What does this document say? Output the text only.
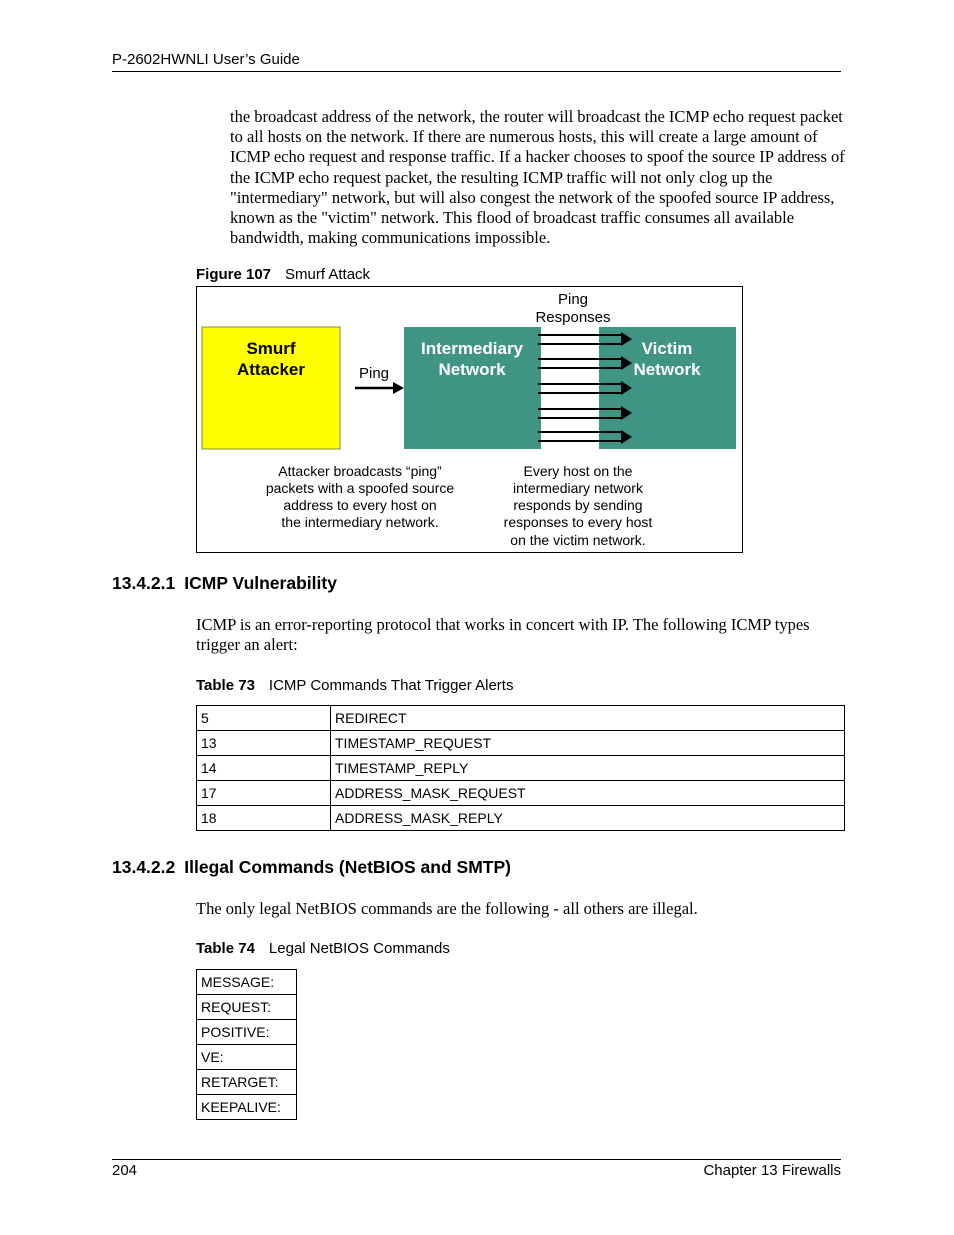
P-2602HWNLI User’s Guide

the broadcast address of the network, the router will broadcast the ICMP echo request packet to all hosts on the network. If there are numerous hosts, this will create a large amount of ICMP echo request and response traffic. If a hacker chooses to spoof the source IP address of the ICMP echo request packet, the resulting ICMP traffic will not only clog up the "intermediary" network, but will also congest the network of the spoofed source IP address, known as the "victim" network. This flood of broadcast traffic consumes all available bandwidth, making communications impossible.

Figure 107 Smurf Attack
Smurf
Attacker	Ping
Intermediary
Network
Victim
Network
Ping
Responses
Attacker broadcasts “ping”
packets with a spoofed source
address to every host on
the intermediary network.
Every host on the
intermediary network
responds by sending
responses to every host
on the victim network.
13.4.2.1 ICMP Vulnerability

ICMP is an error-reporting protocol that works in concert with IP. The following ICMP types trigger an alert:

Table 73 ICMP Commands That Trigger Alerts
5	REDIRECT
13	TIMESTAMP_REQUEST
14	TIMESTAMP_REPLY
17	ADDRESS_MASK_REQUEST
18	ADDRESS_MASK_REPLY
13.4.2.2 Illegal Commands (NetBIOS and SMTP)

The only legal NetBIOS commands are the following - all others are illegal.

Table 74 Legal NetBIOS Commands
MESSAGE:
REQUEST:
POSITIVE:
VE:
RETARGET:
KEEPALIVE:
204	Chapter 13 Firewalls
